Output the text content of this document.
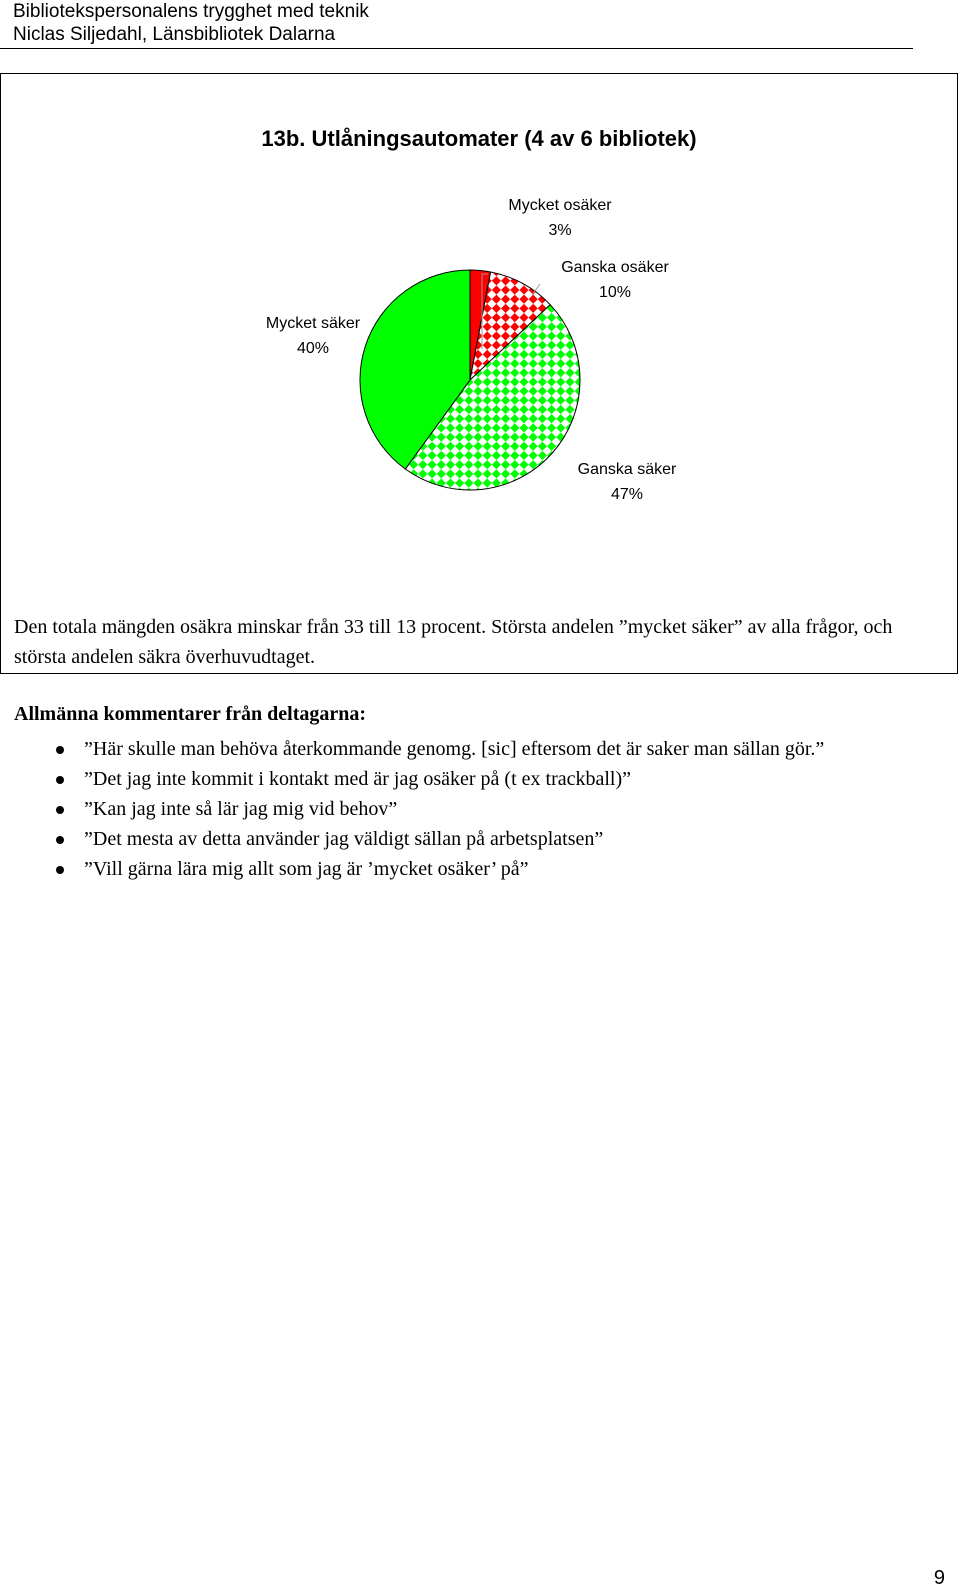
Bibliotekspersonalens trygghet med teknik
Niclas Siljedahl, Länsbibliotek Dalarna
13b. Utlåningsautomater (4 av 6 bibliotek)
Mycket osäker
3%
Ganska osäker
10%
Ganska säker
47%
Mycket säker
40%
Den totala mängden osäkra minskar från 33 till 13 procent. Största andelen ”mycket säker” av alla frågor, och största andelen säkra överhuvudtaget.
Allmänna kommentarer från deltagarna:
”Här skulle man behöva återkommande genomg. [sic] eftersom det är saker man sällan gör.”
”Det jag inte kommit i kontakt med är jag osäker på (t ex trackball)”
”Kan jag inte så lär jag mig vid behov”
”Det mesta av detta använder jag väldigt sällan på arbetsplatsen”
”Vill gärna lära mig allt som jag är ’mycket osäker’ på”
9
